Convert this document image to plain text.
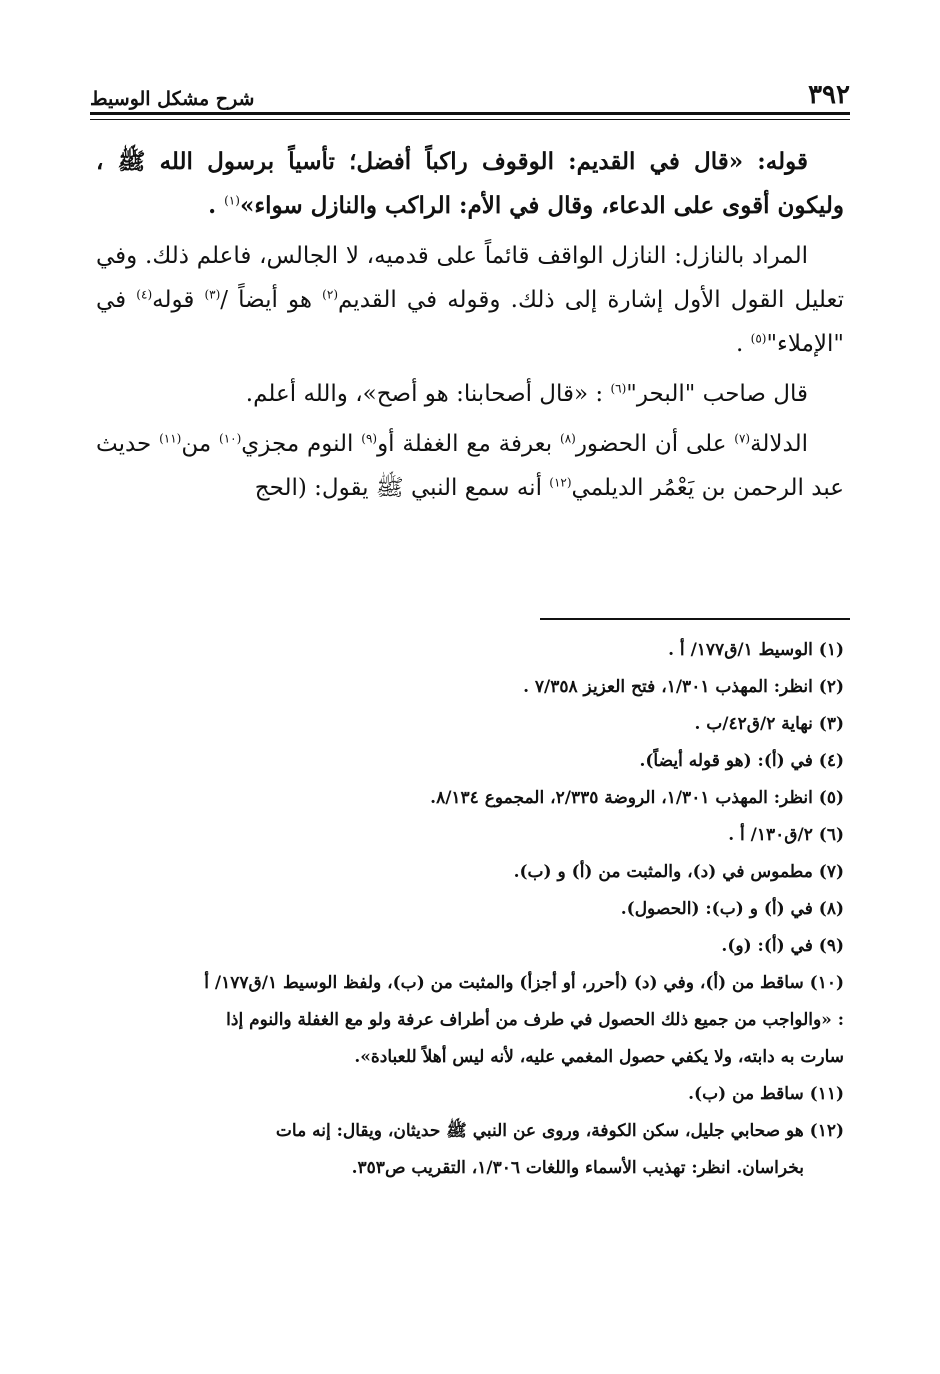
٣٩٢
شرح مشكل الوسيط

قوله: «قال في القديم: الوقوف راكباً أفضل؛ تأسياً برسول الله ﷺ ، وليكون أقوى على الدعاء، وقال في الأم: الراكب والنازل سواء»$^{(١)}$ .

المراد بالنازل: النازل الواقف قائماً على قدميه، لا الجالس، فاعلم ذلك. وفي تعليل القول الأول إشارة إلى ذلك. وقوله في القديم$^{(٢)}$ هو أيضاً /$^{(٣)}$ قوله$^{(٤)}$ في "الإملاء"$^{(٥)}$ .

قال صاحب "البحر"$^{(٦)}$ : «قال أصحابنا: هو أصح»، والله أعلم.

الدلالة$^{(٧)}$ على أن الحضور$^{(٨)}$ بعرفة مع الغفلة أو$^{(٩)}$ النوم مجزي$^{(١٠)}$ من$^{(١١)}$ حديث عبد الرحمن بن يَعْمُر الديلمي$^{(١٢)}$ أنه سمع النبي ﷺ يقول: (الحج

(١) الوسيط ١/ق١٧٧/ أ .

(٢) انظر: المهذب ١/٣٠١، فتح العزيز ٧/٣٥٨ .

(٣) نهاية ٢/ق٤٢/ب .

(٤) في (أ): (هو قوله أيضاً).

(٥) انظر: المهذب ١/٣٠١، الروضة ٢/٣٣٥، المجموع ٨/١٣٤.

(٦) ٢/ق١٣٠/ أ .

(٧) مطموس في (د)، والمثبت من (أ) و (ب).

(٨) في (أ) و (ب): (الحصول).

(٩) في (أ): (و).

(١٠) ساقط من (أ)، وفي (د) (أحرر، أو أجزأ) والمثبت من (ب)، ولفظ الوسيط ١/ق١٧٧/ أ

: «والواجب من جميع ذلك الحصول في طرف من أطراف عرفة ولو مع الغفلة والنوم إذا

سارت به دابته، ولا يكفي حصول المغمي عليه، لأنه ليس أهلاً للعبادة».

(١١) ساقط من (ب).

(١٢) هو صحابي جليل، سكن الكوفة، وروى عن النبي ﷺ حديثان، ويقال: إنه مات

بخراسان. انظر: تهذيب الأسماء واللغات ١/٣٠٦، التقريب ص٣٥٣.
